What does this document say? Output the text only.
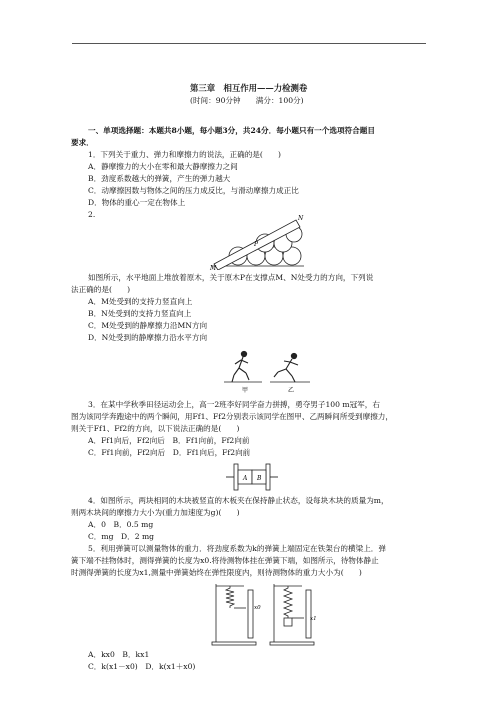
第三章　相互作用——力检测卷
(时间：90分钟　　满分：100分)
一、单项选择题：本题共8小题，每小题3分，共24分．每小题只有一个选项符合题目
要求．
1．下列关于重力、弹力和摩擦力的说法，正确的是(　　)
A．静摩擦力的大小在零和最大静摩擦力之间
B．劲度系数越大的弹簧，产生的弹力越大
C．动摩擦因数与物体之间的压力成反比，与滑动摩擦力成正比
D．物体的重心一定在物体上
2.	N
P
M
如图所示，水平地面上堆放着原木，关于原木P在支撑点M、N处受力的方向，下列说
法正确的是(　　)
A．M处受到的支持力竖直向上
B．N处受到的支持力竖直向上
C．M处受到的静摩擦力沿MN方向
D．N处受到的静摩擦力沿水平方向
甲	乙
3．在某中学秋季田径运动会上，高一2班李好同学奋力拼搏，勇夺男子100 m冠军，右
图为该同学奔跑途中的两个瞬间，用Ff1、Ff2分别表示该同学在图甲、乙两瞬间所受到摩擦力，
则关于Ff1、Ff2的方向，以下说法正确的是(　　)
A．Ff1向后，Ff2向后　B．Ff1向前，Ff2向前
C．Ff1向前，Ff2向后　D．Ff1向后，Ff2向前
A B
4．如图所示，两块相同的木块被竖直的木板夹在保持静止状态，设每块木块的质量为m，
则两木块间的摩擦力大小为(重力加速度为g)(　　)
A．0　B．0.5 mg
C．mg　D．2 mg
5．利用弹簧可以测量物体的重力．将劲度系数为k的弹簧上端固定在铁架台的横梁上．弹
簧下端不挂物体时，测得弹簧的长度为x0.将待测物体挂在弹簧下端，如图所示，待物体静止
时测得弹簧的长度为x1,测量中弹簧始终在弹性限度内，则待测物体的重力大小为(　　)
x0
x1
A．kx0　B．kx1
C．k(x1－x0)　D．k(x1＋x0)
